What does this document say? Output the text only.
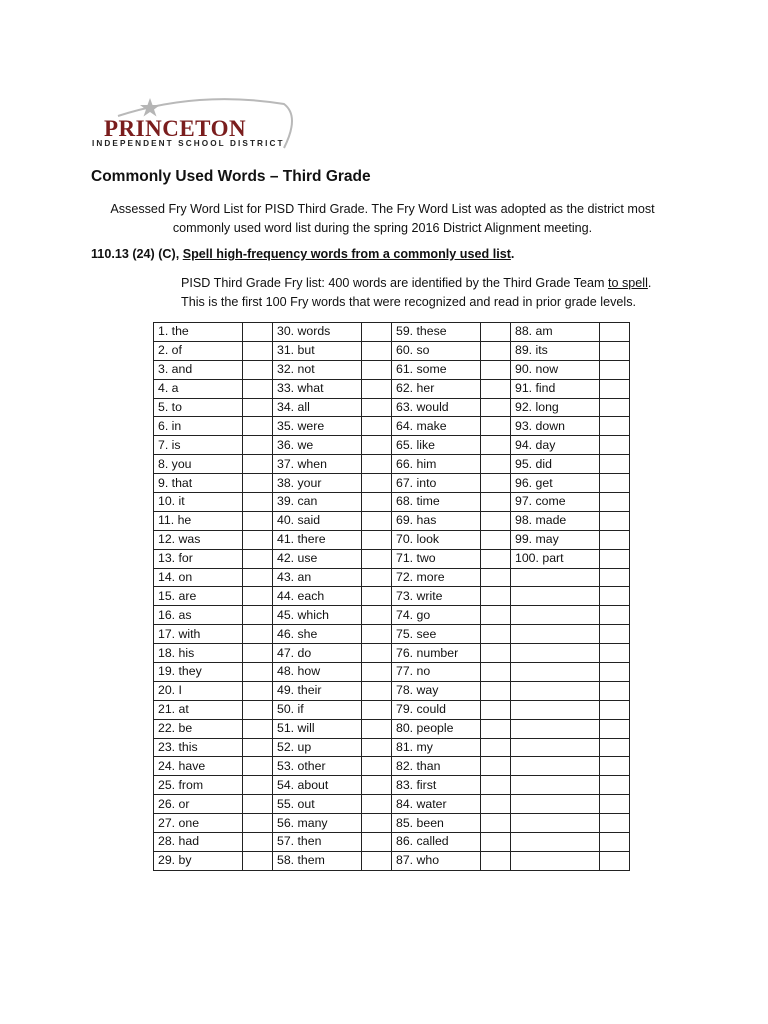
PRINCETON
INDEPENDENT SCHOOL DISTRICT
Commonly Used Words – Third Grade
Assessed Fry Word List for PISD Third Grade. The Fry Word List was adopted as the district most
commonly used word list during the spring 2016 District Alignment meeting.
110.13 (24) (C), Spell high-frequency words from a commonly used list.
PISD Third Grade Fry list: 400 words are identified by the Third Grade Team to spell.
This is the first 100 Fry words that were recognized and read in prior grade levels.
1. the		30. words		59. these		88. am	
2. of		31. but		60. so		89. its	
3. and		32. not		61. some		90. now	
4. a		33. what		62. her		91. find	
5. to		34. all		63. would		92. long	
6. in		35. were		64. make		93. down	
7. is		36. we		65. like		94. day	
8. you		37. when		66. him		95. did	
9. that		38. your		67. into		96. get	
10. it		39. can		68. time		97. come	
11. he		40. said		69. has		98. made	
12. was		41. there		70. look		99. may	
13. for		42. use		71. two		100. part	
14. on		43. an		72. more			
15. are		44. each		73. write			
16. as		45. which		74. go			
17. with		46. she		75. see			
18. his		47. do		76. number			
19. they		48. how		77. no			
20. I		49. their		78. way			
21. at		50. if		79. could			
22. be		51. will		80. people			
23. this		52. up		81. my			
24. have		53. other		82. than			
25. from		54. about		83. first			
26. or		55. out		84. water			
27. one		56. many		85. been			
28. had		57. then		86. called			
29. by		58. them		87. who			
